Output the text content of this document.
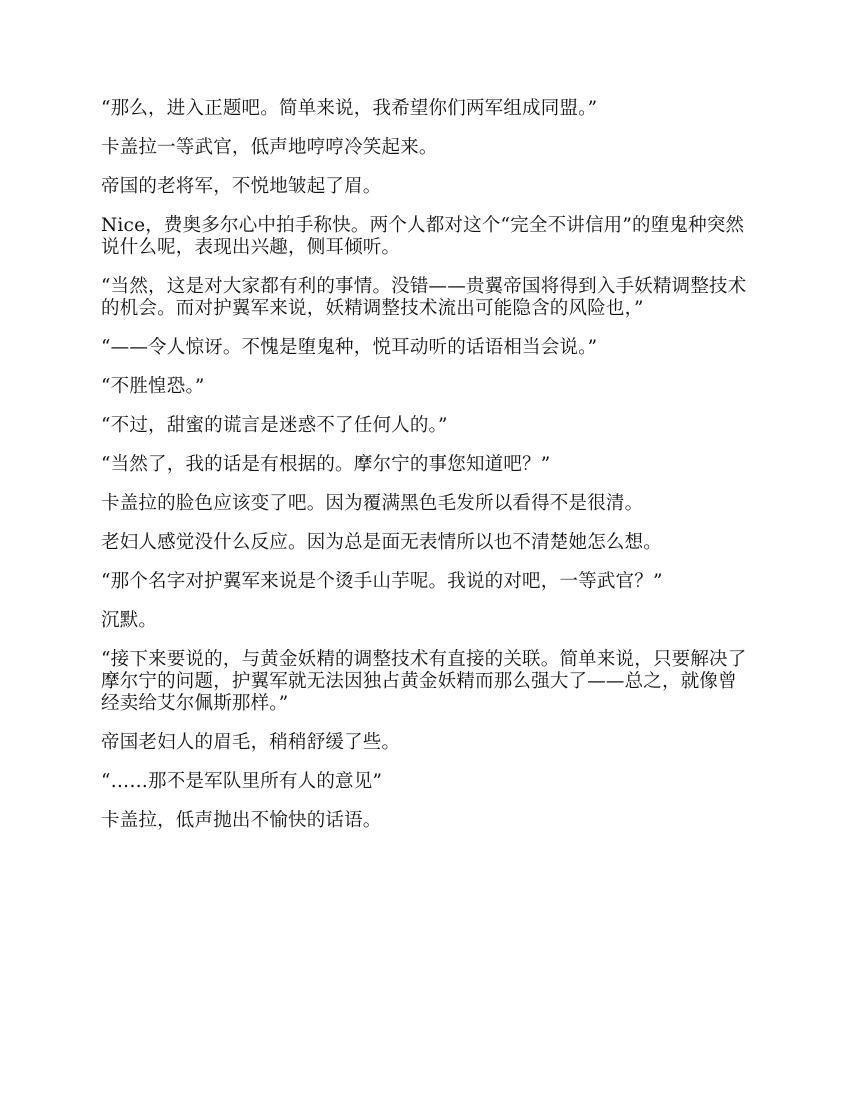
“那么，进入正题吧。简单来说，我希望你们两军组成同盟。”

卡盖拉一等武官，低声地哼哼冷笑起来。

帝国的老将军，不悦地皱起了眉。

Nice，费奥多尔心中拍手称快。两个人都对这个“完全不讲信用”的堕鬼种突然说什么呢，表现出兴趣，侧耳倾听。

“当然，这是对大家都有利的事情。没错——贵翼帝国将得到入手妖精调整技术的机会。而对护翼军来说，妖精调整技术流出可能隐含的风险也，”

“——令人惊讶。不愧是堕鬼种，悦耳动听的话语相当会说。”

“不胜惶恐。”

“不过，甜蜜的谎言是迷惑不了任何人的。”

“当然了，我的话是有根据的。摩尔宁的事您知道吧？”

卡盖拉的脸色应该变了吧。因为覆满黑色毛发所以看得不是很清。

老妇人感觉没什么反应。因为总是面无表情所以也不清楚她怎么想。

“那个名字对护翼军来说是个烫手山芋呢。我说的对吧，一等武官？”

沉默。

“接下来要说的，与黄金妖精的调整技术有直接的关联。简单来说，只要解决了摩尔宁的问题，护翼军就无法因独占黄金妖精而那么强大了——总之，就像曾经卖给艾尔佩斯那样。”

帝国老妇人的眉毛，稍稍舒缓了些。

“……那不是军队里所有人的意见”

卡盖拉，低声抛出不愉快的话语。
